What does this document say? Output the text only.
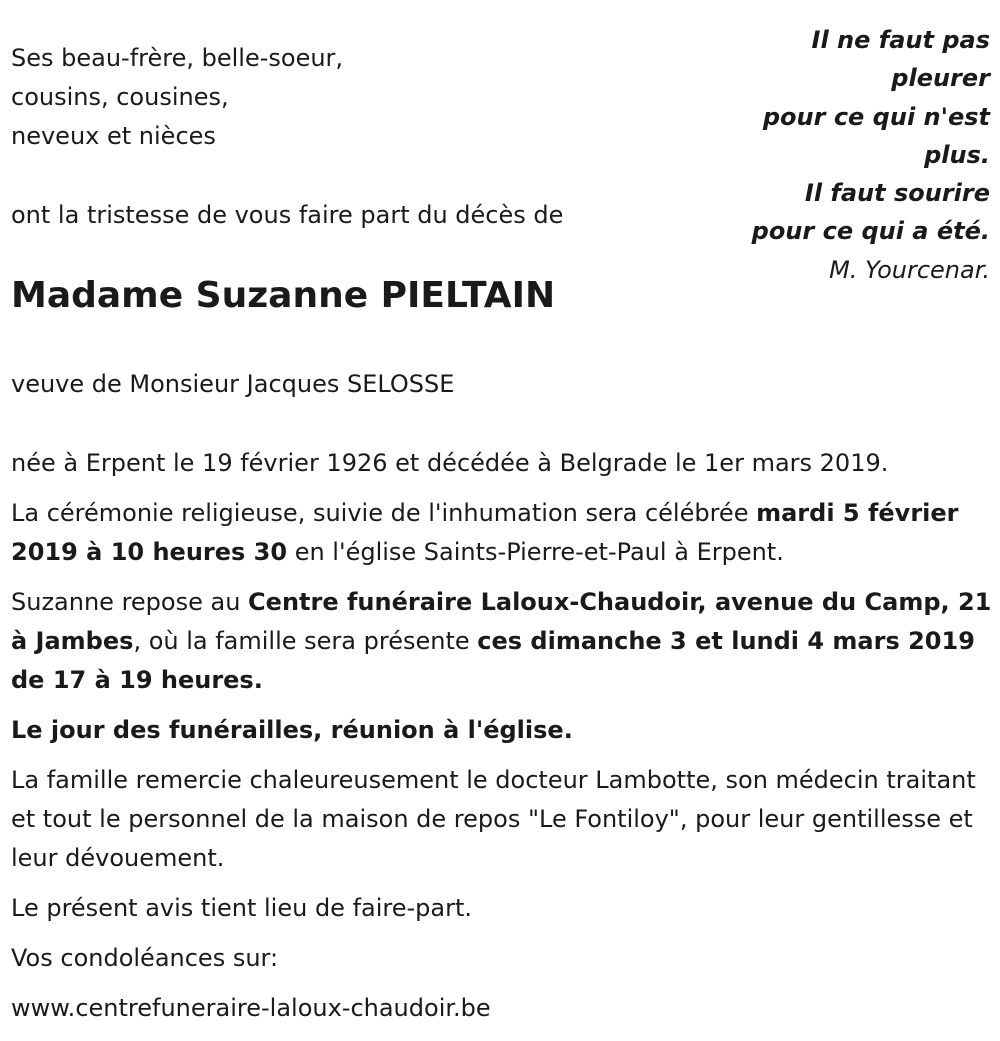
Ses beau-frère, belle-soeur,
cousins, cousines,
neveux et nièces
ont la tristesse de vous faire part du décès de
Il ne faut pas
pleurer
pour ce qui n'est
plus.
Il faut sourire
pour ce qui a été.
M. Yourcenar.
Madame Suzanne PIELTAIN
veuve de Monsieur Jacques SELOSSE

née à Erpent le 19 février 1926 et décédée à Belgrade le 1er mars 2019.

La cérémonie religieuse, suivie de l'inhumation sera célébrée mardi 5 février 2019 à 10 heures 30 en l'église Saints-Pierre-et-Paul à Erpent.

Suzanne repose au Centre funéraire Laloux-Chaudoir, avenue du Camp, 21 à Jambes, où la famille sera présente ces dimanche 3 et lundi 4 mars 2019 de 17 à 19 heures.

Le jour des funérailles, réunion à l'église.

La famille remercie chaleureusement le docteur Lambotte, son médecin traitant et tout le personnel de la maison de repos "Le Fontiloy", pour leur gentillesse et leur dévouement.

Le présent avis tient lieu de faire-part.

Vos condoléances sur:

www.centrefuneraire-laloux-chaudoir.be
